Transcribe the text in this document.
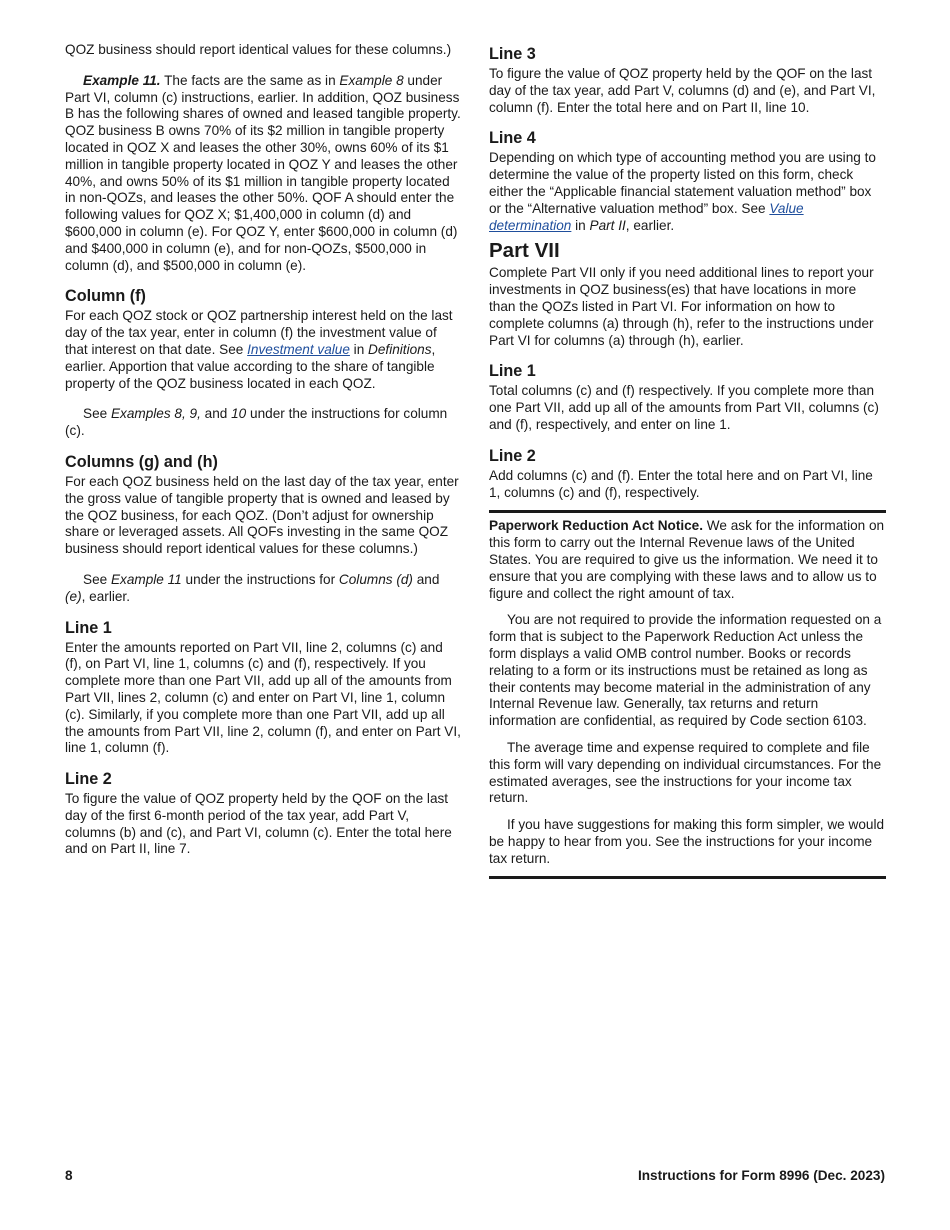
QOZ business should report identical values for these columns.)

Example 11. The facts are the same as in Example 8 under Part VI, column (c) instructions, earlier. In addition, QOZ business B has the following shares of owned and leased tangible property. QOZ business B owns 70% of its $2 million in tangible property located in QOZ X and leases the other 30%, owns 60% of its $1 million in tangible property located in QOZ Y and leases the other 40%, and owns 50% of its $1 million in tangible property located in non-QOZs, and leases the other 50%. QOF A should enter the following values for QOZ X; $1,400,000 in column (d) and $600,000 in column (e). For QOZ Y, enter $600,000 in column (d) and $400,000 in column (e), and for non-QOZs, $500,000 in column (d), and $500,000 in column (e).

Column (f)

For each QOZ stock or QOZ partnership interest held on the last day of the tax year, enter in column (f) the investment value of that interest on that date. See Investment value in Definitions, earlier. Apportion that value according to the share of tangible property of the QOZ business located in each QOZ.

See Examples 8, 9, and 10 under the instructions for column (c).

Columns (g) and (h)

For each QOZ business held on the last day of the tax year, enter the gross value of tangible property that is owned and leased by the QOZ business, for each QOZ. (Don’t adjust for ownership share or leveraged assets. All QOFs investing in the same QOZ business should report identical values for these columns.)

See Example 11 under the instructions for Columns (d) and (e), earlier.

Line 1

Enter the amounts reported on Part VII, line 2, columns (c) and (f), on Part VI, line 1, columns (c) and (f), respectively. If you complete more than one Part VII, add up all of the amounts from Part VII, lines 2, column (c) and enter on Part VI, line 1, column (c). Similarly, if you complete more than one Part VII, add up all the amounts from Part VII, line 2, column (f), and enter on Part VI, line 1, column (f).

Line 2

To figure the value of QOZ property held by the QOF on the last day of the first 6-month period of the tax year, add Part V, columns (b) and (c), and Part VI, column (c). Enter the total here and on Part II, line 7.

Line 3

To figure the value of QOZ property held by the QOF on the last day of the tax year, add Part V, columns (d) and (e), and Part VI, column (f). Enter the total here and on Part II, line 10.

Line 4

Depending on which type of accounting method you are using to determine the value of the property listed on this form, check either the “Applicable financial statement valuation method” box or the “Alternative valuation method” box. See Value determination in Part II, earlier.

Part VII

Complete Part VII only if you need additional lines to report your investments in QOZ business(es) that have locations in more than the QOZs listed in Part VI. For information on how to complete columns (a) through (h), refer to the instructions under Part VI for columns (a) through (h), earlier.

Line 1

Total columns (c) and (f) respectively. If you complete more than one Part VII, add up all of the amounts from Part VII, columns (c) and (f), respectively, and enter on line 1.

Line 2

Add columns (c) and (f). Enter the total here and on Part VI, line 1, columns (c) and (f), respectively.

Paperwork Reduction Act Notice. We ask for the information on this form to carry out the Internal Revenue laws of the United States. You are required to give us the information. We need it to ensure that you are complying with these laws and to allow us to figure and collect the right amount of tax.

You are not required to provide the information requested on a form that is subject to the Paperwork Reduction Act unless the form displays a valid OMB control number. Books or records relating to a form or its instructions must be retained as long as their contents may become material in the administration of any Internal Revenue law. Generally, tax returns and return information are confidential, as required by Code section 6103.

The average time and expense required to complete and file this form will vary depending on individual circumstances. For the estimated averages, see the instructions for your income tax return.

If you have suggestions for making this form simpler, we would be happy to hear from you. See the instructions for your income tax return.

8	Instructions for Form 8996 (Dec. 2023)
